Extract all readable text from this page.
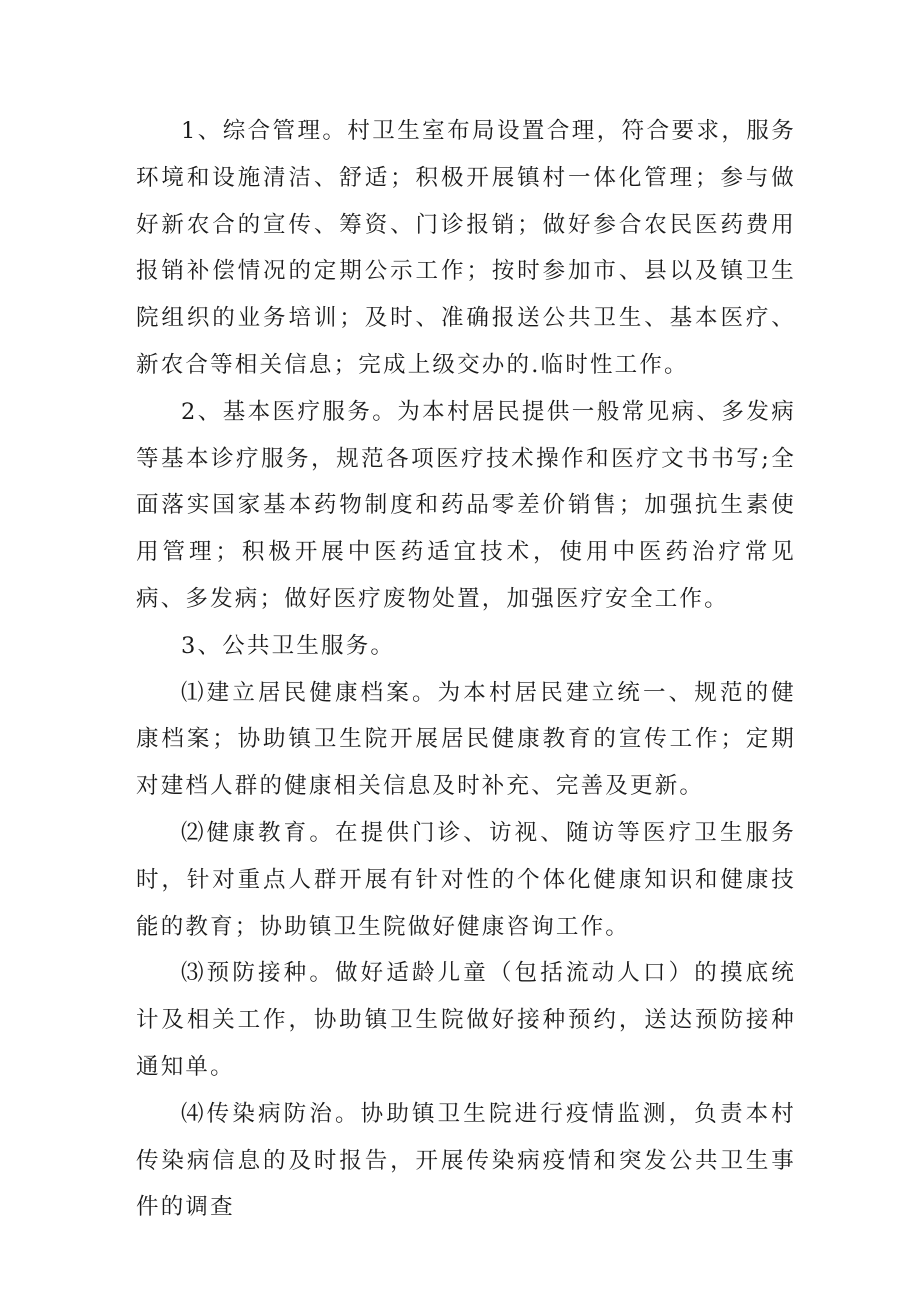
1、综合管理。村卫生室布局设置合理，符合要求，服务环境和设施清洁、舒适；积极开展镇村一体化管理；参与做好新农合的宣传、筹资、门诊报销；做好参合农民医药费用报销补偿情况的定期公示工作；按时参加市、县以及镇卫生院组织的业务培训；及时、准确报送公共卫生、基本医疗、新农合等相关信息；完成上级交办的.临时性工作。

2、基本医疗服务。为本村居民提供一般常见病、多发病等基本诊疗服务，规范各项医疗技术操作和医疗文书书写;全面落实国家基本药物制度和药品零差价销售；加强抗生素使用管理；积极开展中医药适宜技术，使用中医药治疗常见病、多发病；做好医疗废物处置，加强医疗安全工作。

3、公共卫生服务。

⑴建立居民健康档案。为本村居民建立统一、规范的健康档案；协助镇卫生院开展居民健康教育的宣传工作；定期对建档人群的健康相关信息及时补充、完善及更新。

⑵健康教育。在提供门诊、访视、随访等医疗卫生服务时，针对重点人群开展有针对性的个体化健康知识和健康技能的教育；协助镇卫生院做好健康咨询工作。

⑶预防接种。做好适龄儿童（包括流动人口）的摸底统计及相关工作，协助镇卫生院做好接种预约，送达预防接种通知单。

⑷传染病防治。协助镇卫生院进行疫情监测，负责本村传染病信息的及时报告，开展传染病疫情和突发公共卫生事件的调查
